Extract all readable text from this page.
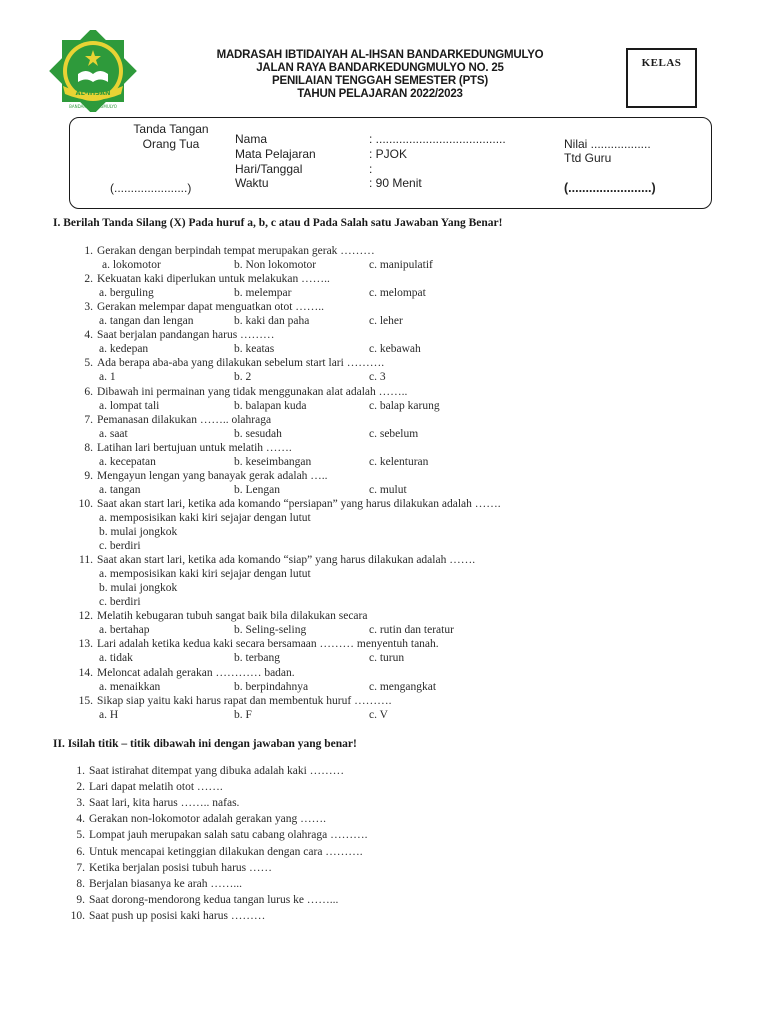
AL-IHSAN
BANDARKEDUNGMULYO
MADRASAH IBTIDAIYAH AL-IHSAN BANDARKEDUNGMULYO
JALAN RAYA BANDARKEDUNGMULYO NO. 25
PENILAIAN TENGGAH SEMESTER (PTS)
TAHUN PELAJARAN 2022/2023
KELAS
Tanda Tangan
Orang Tua
(......................)
Nama	: .......................................
Mata Pelajaran	: PJOK
Hari/Tanggal	:
Waktu	: 90 Menit
Nilai ..................
Ttd Guru
(........................)
I. Berilah Tanda Silang (X) Pada huruf a, b, c atau d Pada Salah satu Jawaban Yang Benar!
1. Gerakan dengan berpindah tempat merupakan gerak ………
a. lokomotor	b. Non lokomotor	c. manipulatif
2. Kekuatan kaki diperlukan untuk melakukan ……..
a. berguling	b. melempar	c. melompat
3. Gerakan melempar dapat menguatkan otot ……..
a. tangan dan lengan	b. kaki dan paha	c. leher
4. Saat berjalan pandangan harus ………
a. kedepan	b. keatas	c. kebawah
5. Ada berapa aba-aba yang dilakukan sebelum start lari ……….
a. 1	b. 2	c. 3
6. Dibawah ini permainan yang tidak menggunakan alat adalah ……..
a. lompat tali	b. balapan kuda	c. balap karung
7. Pemanasan dilakukan …….. olahraga
a. saat	b. sesudah	c. sebelum
8. Latihan lari bertujuan untuk melatih …….
a. kecepatan	b. keseimbangan	c. kelenturan
9. Mengayun lengan yang banayak gerak adalah …..
a. tangan	b. Lengan	c. mulut
10. Saat akan start lari, ketika ada komando “persiapan” yang harus dilakukan adalah …….
a. memposisikan kaki kiri sejajar dengan lutut
b. mulai jongkok
c. berdiri
11. Saat akan start lari, ketika ada komando “siap” yang harus dilakukan adalah …….
a. memposisikan kaki kiri sejajar dengan lutut
b. mulai jongkok
c. berdiri
12. Melatih kebugaran tubuh sangat baik bila dilakukan secara
a. bertahap	b. Seling-seling	c. rutin dan teratur
13. Lari adalah ketika kedua kaki secara bersamaan ……… menyentuh tanah.
a. tidak	b. terbang	c. turun
14. Meloncat adalah gerakan ………… badan.
a. menaikkan	b. berpindahnya	c. mengangkat
15. Sikap siap yaitu kaki harus rapat dan membentuk huruf ……….
a. H	b. F	c. V
II. Isilah titik – titik dibawah ini dengan jawaban yang benar!
1. Saat istirahat ditempat yang dibuka adalah kaki ………
2. Lari dapat melatih otot …….
3. Saat lari, kita harus …….. nafas.
4. Gerakan non-lokomotor adalah gerakan yang …….
5. Lompat jauh merupakan salah satu cabang olahraga ……….
6. Untuk mencapai ketinggian dilakukan dengan cara ……….
7. Ketika berjalan posisi tubuh harus ……
8. Berjalan biasanya ke arah ……...
9. Saat dorong-mendorong kedua tangan lurus ke ……...
10. Saat push up posisi kaki harus ………
